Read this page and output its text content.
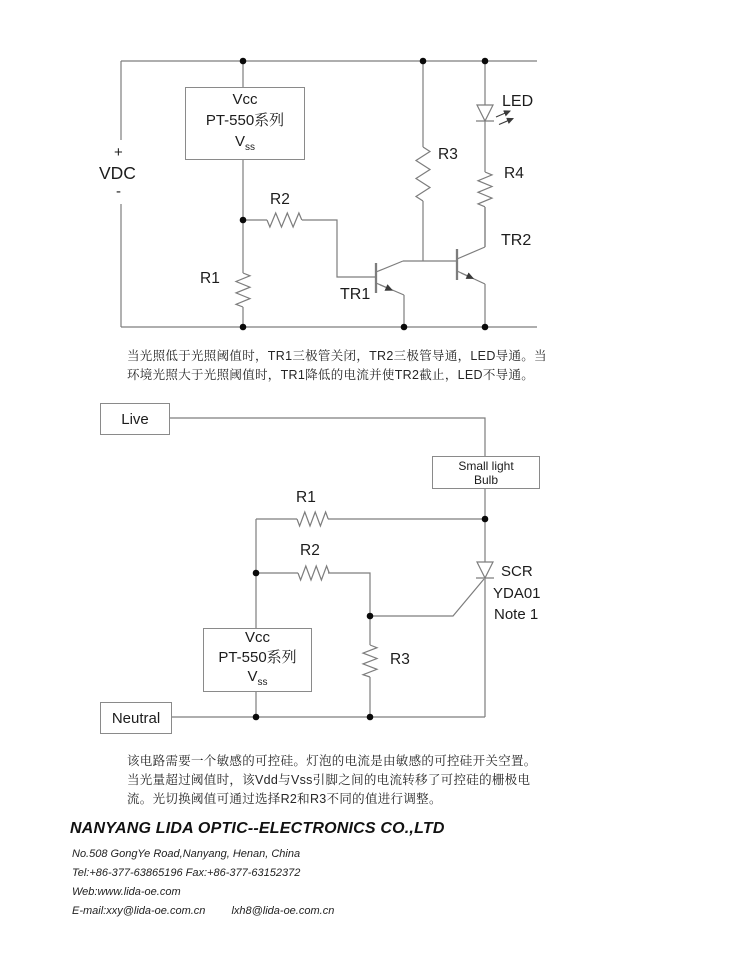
+
VDC
-
Vcc
PT-550系列
$V_{ss}$
R2
R1
TR1
R3
LED
R4
TR2
当光照低于光照阈值时，TR1三极管关闭，TR2三极管导通，LED导通。当
环境光照大于光照阈值时，TR1降低的电流并使TR2截止，LED不导通。
Live
Small light
Bulb
R1
R2
SCR
YDA01
Note 1
R3
Vcc
PT-550系列
$V_{ss}$
Neutral
该电路需要一个敏感的可控硅。灯泡的电流是由敏感的可控硅开关空置。
当光量超过阈值时，该Vdd与Vss引脚之间的电流转移了可控硅的栅极电
流。光切换阈值可通过选择R2和R3不同的值进行调整。
NANYANG LIDA OPTIC--ELECTRONICS CO.,LTD
No.508 GongYe Road,Nanyang, Henan, China
Tel:+86-377-63865196 Fax:+86-377-63152372
Web:www.lida-oe.com
E-mail:xxy@lida-oe.com.cn lxh8@lida-oe.com.cn
